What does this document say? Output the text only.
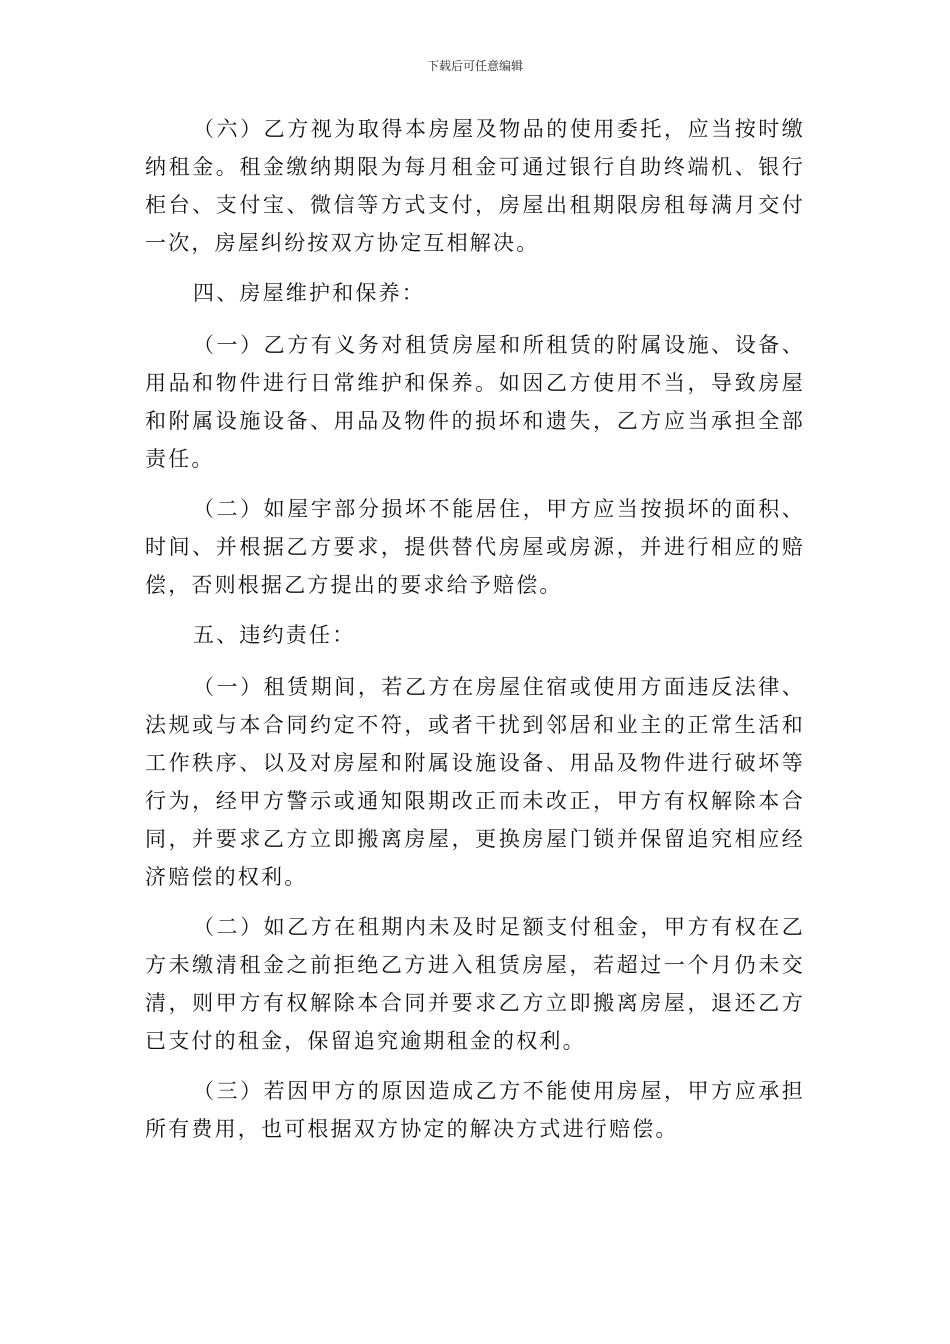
下载后可任意编辑

（六）乙方视为取得本房屋及物品的使用委托，应当按时缴纳租金。租金缴纳期限为每月租金可通过银行自助终端机、银行柜台、支付宝、微信等方式支付，房屋出租期限房租每满月交付一次，房屋纠纷按双方协定互相解决。

四、房屋维护和保养：

（一）乙方有义务对租赁房屋和所租赁的附属设施、设备、用品和物件进行日常维护和保养。如因乙方使用不当，导致房屋和附属设施设备、用品及物件的损坏和遗失，乙方应当承担全部责任。

（二）如屋宇部分损坏不能居住，甲方应当按损坏的面积、时间、并根据乙方要求，提供替代房屋或房源，并进行相应的赔偿，否则根据乙方提出的要求给予赔偿。

五、违约责任：

（一）租赁期间，若乙方在房屋住宿或使用方面违反法律、法规或与本合同约定不符，或者干扰到邻居和业主的正常生活和工作秩序、以及对房屋和附属设施设备、用品及物件进行破坏等行为，经甲方警示或通知限期改正而未改正，甲方有权解除本合同，并要求乙方立即搬离房屋，更换房屋门锁并保留追究相应经济赔偿的权利。

（二）如乙方在租期内未及时足额支付租金，甲方有权在乙方未缴清租金之前拒绝乙方进入租赁房屋，若超过一个月仍未交清，则甲方有权解除本合同并要求乙方立即搬离房屋，退还乙方已支付的租金，保留追究逾期租金的权利。

（三）若因甲方的原因造成乙方不能使用房屋，甲方应承担所有费用，也可根据双方协定的解决方式进行赔偿。
